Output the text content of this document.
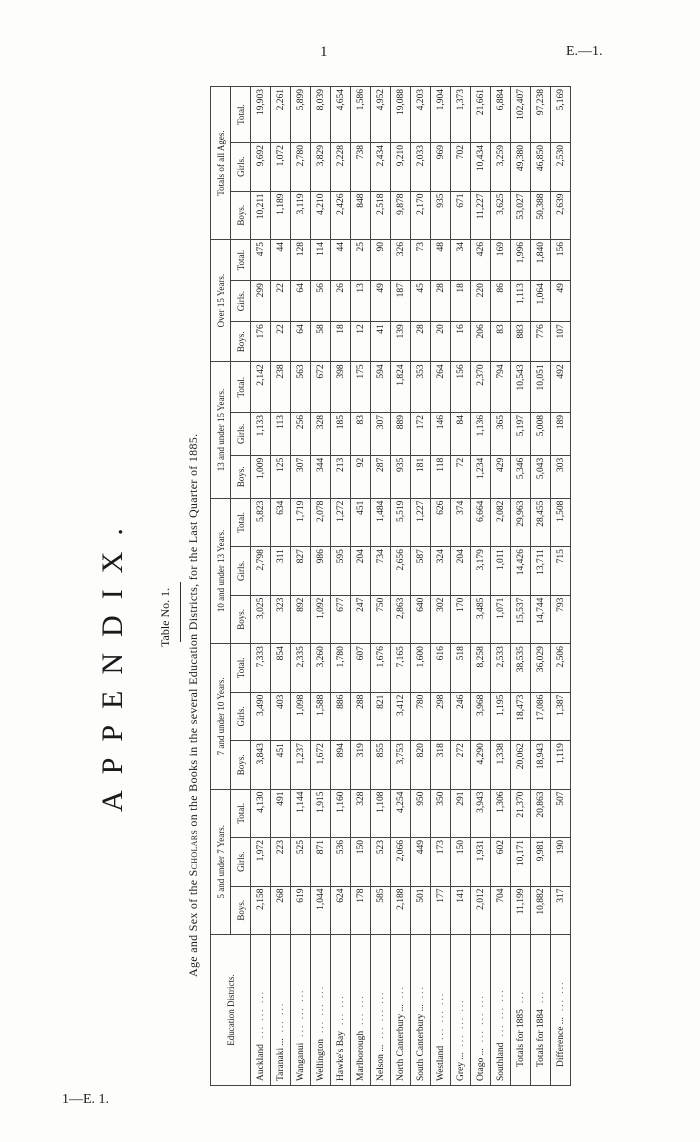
1	E.—1.
1—E. 1.
APPENDIX. Table No. 1.
Age and Sex of the Scholars on the Books in the several Education Districts, for the Last Quarter of 1885.
Education Districts.	5 and under 7 Years.			7 and under 10 Years.			10 and under 13 Years.			13 and under 15 Years.			Over 15 Years.			Totals of all Ages.		
	Boys.	Girls.	Total.	Boys.	Girls.	Total.	Boys.	Girls.	Total.	Boys.	Girls.	Total.	Boys.	Girls.	Total.	Boys.	Girls.	Total.
Auckland... ... ...	2,158	1,972	4,130	3,843	3,490	7,333	3,025	2,798	5,823	1,009	1,133	2,142	176	299	475	10,211	9,692	19,903
Taranaki ...... ...	268	223	491	451	403	854	323	311	634	125	113	238	22	22	44	1,189	1,072	2,261
Wanganui... ... ...	619	525	1,144	1,237	1,098	2,335	892	827	1,719	307	256	563	64	64	128	3,119	2,780	5,899
Wellington... ... ...	1,044	871	1,915	1,672	1,588	3,260	1,092	986	2,078	344	328	672	58	56	114	4,210	3,829	8,039
Hawke's Bay... ...	624	536	1,160	894	886	1,780	677	595	1,272	213	185	398	18	26	44	2,426	2,228	4,654
Marlborough... ...	178	150	328	319	288	607	247	204	451	92	83	175	12	13	25	848	738	1,586
Nelson ...... ... ...	585	523	1,108	855	821	1,676	750	734	1,484	287	307	594	41	49	90	2,518	2,434	4,952
North Canterbury ......	2,188	2,066	4,254	3,753	3,412	7,165	2,863	2,656	5,519	935	889	1,824	139	187	326	9,878	9,210	19,088
South Canterbury ......	501	449	950	820	780	1,600	640	587	1,227	181	172	353	28	45	73	2,170	2,033	4,203
Westland... ... ...	177	173	350	318	298	616	302	324	626	118	146	264	20	28	48	935	969	1,904
Grey ...... ... ...	141	150	291	272	246	518	170	204	374	72	84	156	16	18	34	671	702	1,373
Otago ...... ... ...	2,012	1,931	3,943	4,290	3,968	8,258	3,485	3,179	6,664	1,234	1,136	2,370	206	220	426	11,227	10,434	21,661
Southland... ... ...	704	602	1,306	1,338	1,195	2,533	1,071	1,011	2,082	429	365	794	83	86	169	3,625	3,259	6,884
Totals for 1885...	11,199	10,171	21,370	20,062	18,473	38,535	15,537	14,426	29,963	5,346	5,197	10,543	883	1,113	1,996	53,027	49,380	102,407
Totals for 1884...	10,882	9,981	20,863	18,943	17,086	36,029	14,744	13,711	28,455	5,043	5,008	10,051	776	1,064	1,840	50,388	46,850	97,238
Difference ...... ...	317	190	507	1,119	1,387	2,506	793	715	1,508	303	189	492	107	49	156	2,639	2,530	5,169
